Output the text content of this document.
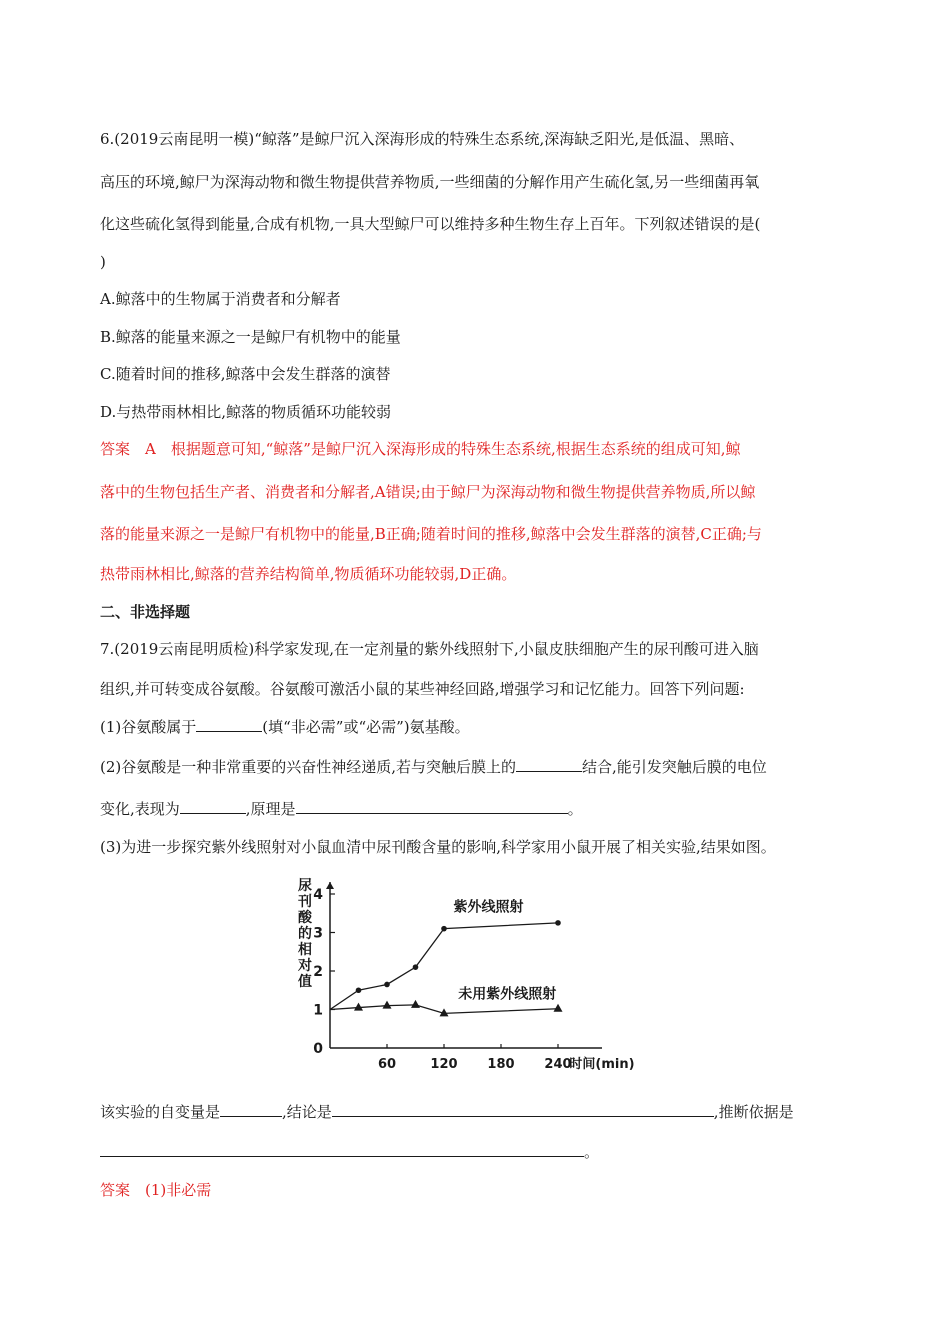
6.(2019云南昆明一模)“鲸落”是鲸尸沉入深海形成的特殊生态系统,深海缺乏阳光,是低温、黑暗、
高压的环境,鲸尸为深海动物和微生物提供营养物质,一些细菌的分解作用产生硫化氢,另一些细菌再氧
化这些硫化氢得到能量,合成有机物,一具大型鲸尸可以维持多种生物生存上百年。下列叙述错误的是(
)
A.鲸落中的生物属于消费者和分解者
B.鲸落的能量来源之一是鲸尸有机物中的能量
C.随着时间的推移,鲸落中会发生群落的演替
D.与热带雨林相比,鲸落的物质循环功能较弱
答案　A　根据题意可知,“鲸落”是鲸尸沉入深海形成的特殊生态系统,根据生态系统的组成可知,鲸
落中的生物包括生产者、消费者和分解者,A错误;由于鲸尸为深海动物和微生物提供营养物质,所以鲸
落的能量来源之一是鲸尸有机物中的能量,B正确;随着时间的推移,鲸落中会发生群落的演替,C正确;与
热带雨林相比,鲸落的营养结构简单,物质循环功能较弱,D正确。
二、非选择题
7.(2019云南昆明质检)科学家发现,在一定剂量的紫外线照射下,小鼠皮肤细胞产生的尿刊酸可进入脑
组织,并可转变成谷氨酸。谷氨酸可激活小鼠的某些神经回路,增强学习和记忆能力。回答下列问题:
(1)谷氨酸属于	(填“非必需”或“必需”)氨基酸。
(2)谷氨酸是一种非常重要的兴奋性神经递质,若与突触后膜上的	结合,能引发突触后膜的电位
变化,表现为	,原理是	。
(3)为进一步探究紫外线照射对小鼠血清中尿刊酸含量的影响,科学家用小鼠开展了相关实验,结果如图。
尿
刊
酸
的
相
对
值
0
1
2
3
4
60	120 180 240
时间(min)
紫外线照射
未用紫外线照射
该实验的自变量是	,结论是	,推断依据是
。
答案　(1)非必需
